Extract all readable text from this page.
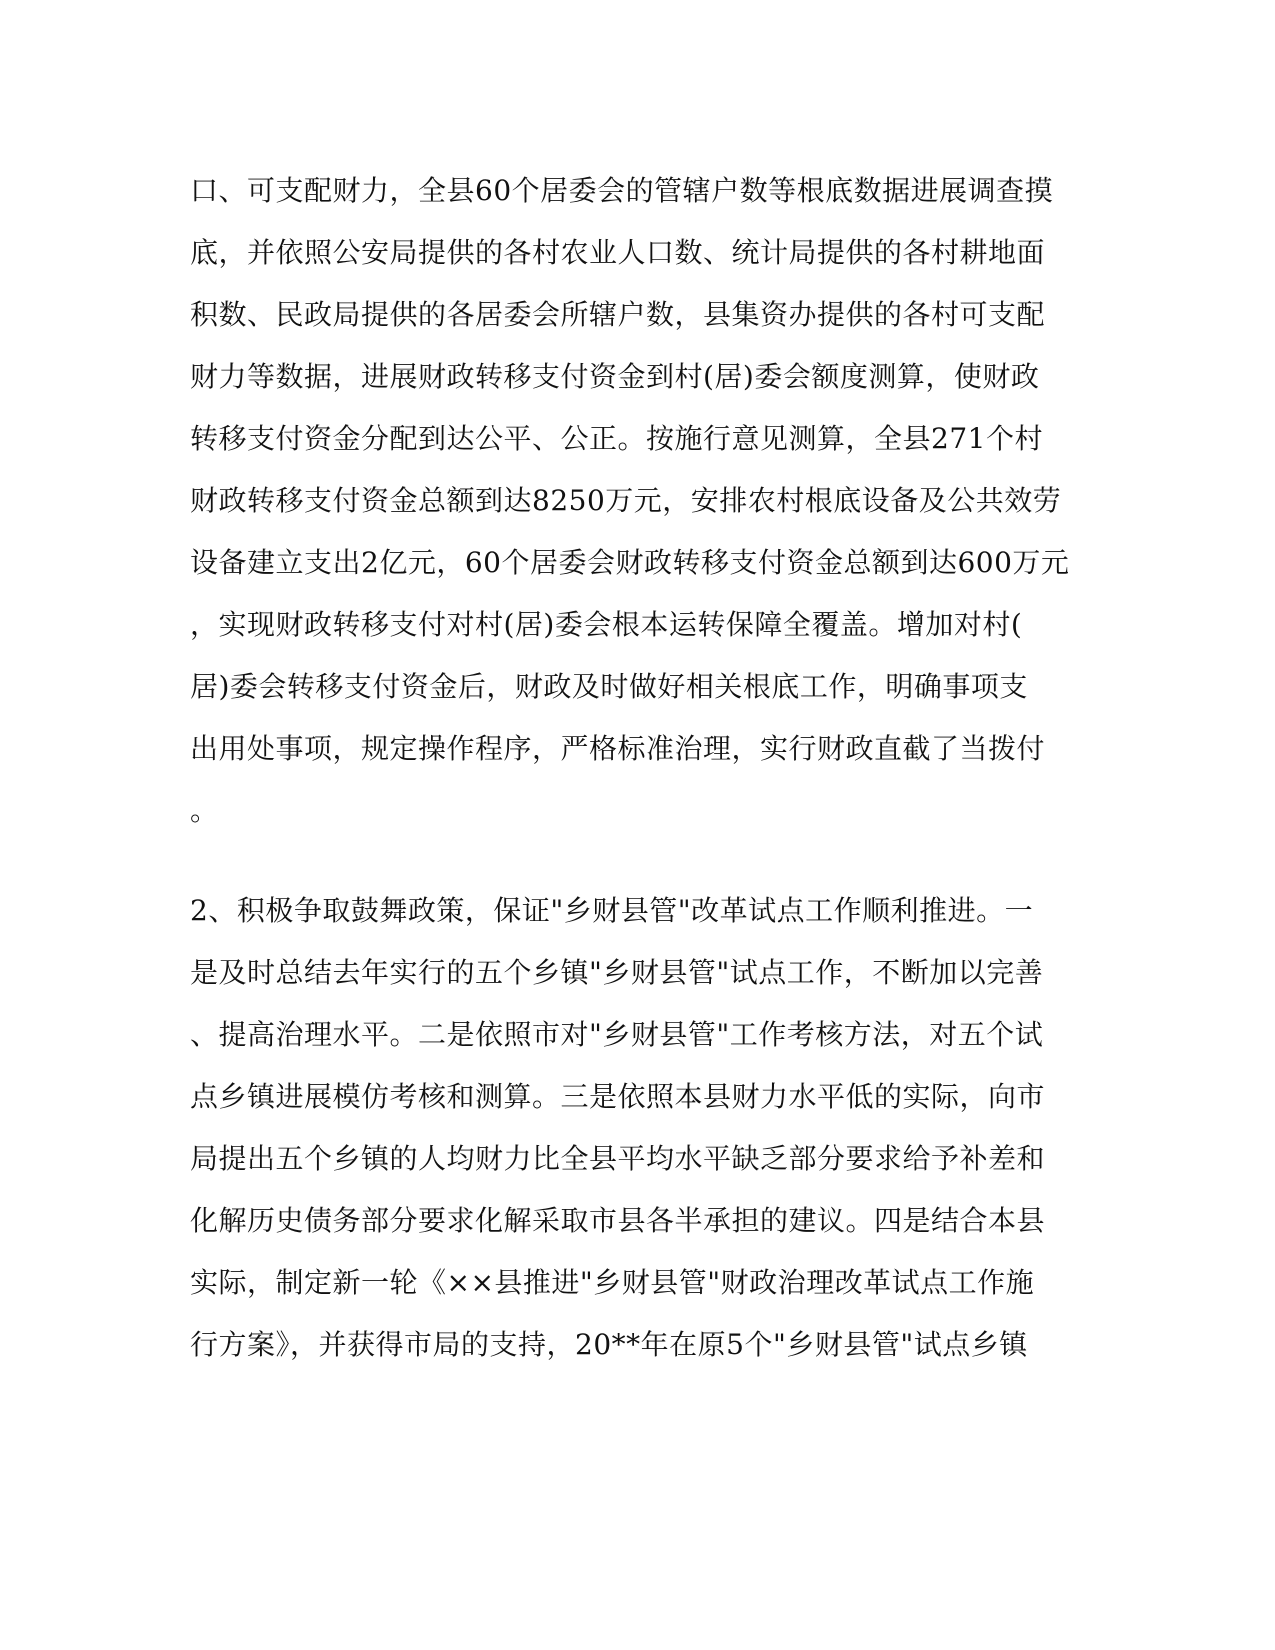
口、可支配财力，全县60个居委会的管辖户数等根底数据进展调查摸
底，并依照公安局提供的各村农业人口数、统计局提供的各村耕地面
积数、民政局提供的各居委会所辖户数，县集资办提供的各村可支配
财力等数据，进展财政转移支付资金到村(居)委会额度测算，使财政
转移支付资金分配到达公平、公正。按施行意见测算，全县271个村
财政转移支付资金总额到达8250万元，安排农村根底设备及公共效劳
设备建立支出2亿元，60个居委会财政转移支付资金总额到达600万元
，实现财政转移支付对村(居)委会根本运转保障全覆盖。增加对村(
居)委会转移支付资金后，财政及时做好相关根底工作，明确事项支
出用处事项，规定操作程序，严格标准治理，实行财政直截了当拨付
。
2、积极争取鼓舞政策，保证"乡财县管"改革试点工作顺利推进。一
是及时总结去年实行的五个乡镇"乡财县管"试点工作，不断加以完善
、提高治理水平。二是依照市对"乡财县管"工作考核方法，对五个试
点乡镇进展模仿考核和测算。三是依照本县财力水平低的实际，向市
局提出五个乡镇的人均财力比全县平均水平缺乏部分要求给予补差和
化解历史债务部分要求化解采取市县各半承担的建议。四是结合本县
实际，制定新一轮《××县推进"乡财县管"财政治理改革试点工作施
行方案》，并获得市局的支持，20**年在原5个"乡财县管"试点乡镇
